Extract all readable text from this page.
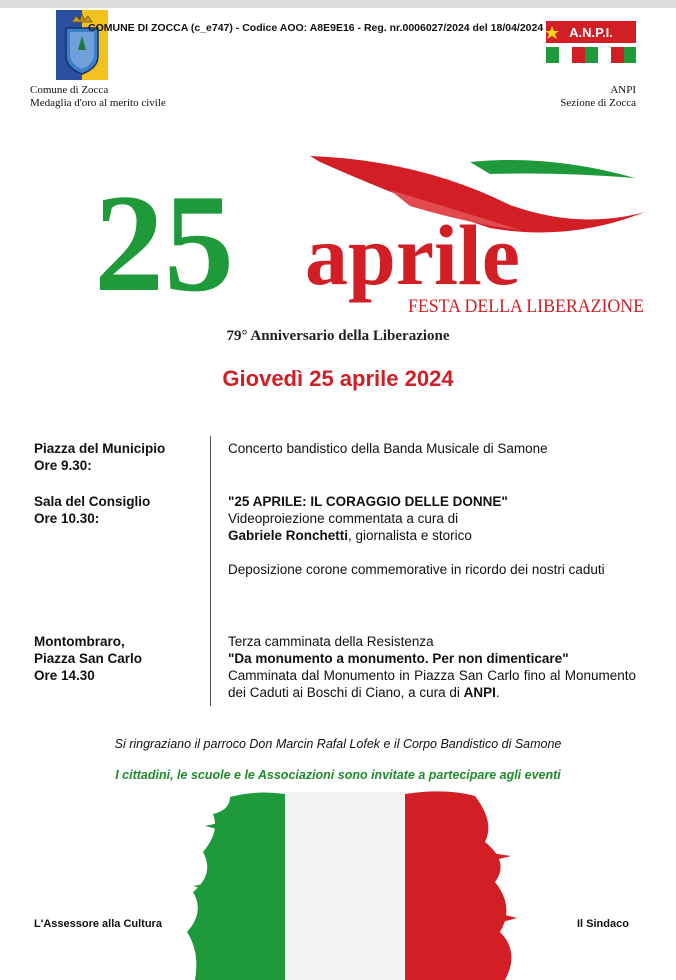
COMUNE DI ZOCCA (c_e747) - Codice AOO: A8E9E16 - Reg. nr.0006027/2024 del 18/04/2024
Comune di Zocca
Medaglia d'oro al merito civile
A.N.P.I.
ANPI
Sezione di Zocca
25 aprile
FESTA DELLA LIBERAZIONE
79° Anniversario della Liberazione
Giovedì 25 aprile 2024
Piazza del Municipio
Ore 9.30:
Concerto bandistico della Banda Musicale di Samone
Sala del Consiglio
Ore 10.30:
"25 APRILE: IL CORAGGIO DELLE DONNE"
Videoproiezione commentata a cura di
Gabriele Ronchetti, giornalista e storico
Deposizione corone commemorative in ricordo dei nostri caduti
Montombraro,
Piazza San Carlo
Ore 14.30
Terza camminata della Resistenza
"Da monumento a monumento. Per non dimenticare"
Camminata dal Monumento in Piazza San Carlo fino al Monumento dei Caduti ai Boschi di Ciano, a cura di ANPI.
Si ringraziano il parroco Don Marcin Rafal Lofek e il Corpo Bandistico di Samone
I cittadini, le scuole e le Associazioni sono invitate a partecipare agli eventi
L'Assessore alla Cultura	Il Sindaco
